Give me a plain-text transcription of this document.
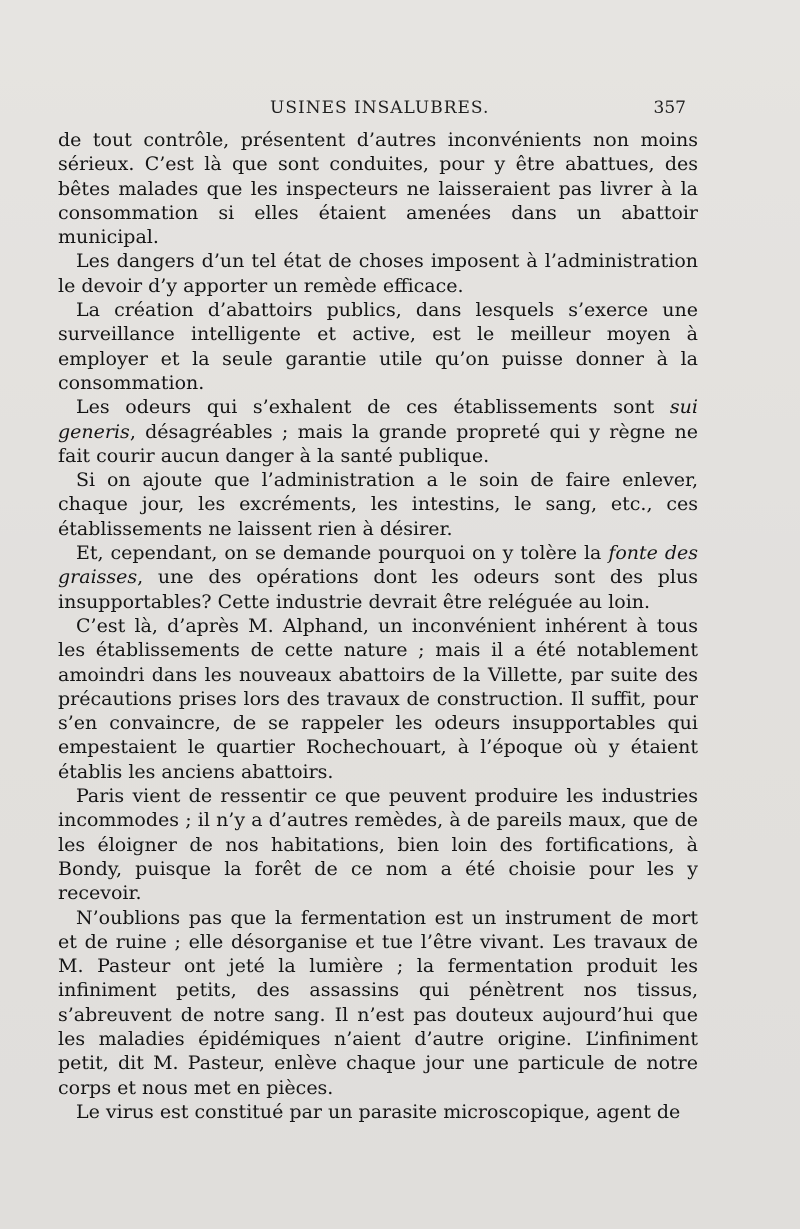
USINES INSALUBRES.	357

de tout contrôle, présentent d’autres inconvénients non moins sérieux. C’est là que sont conduites, pour y être abattues, des bêtes malades que les inspecteurs ne laisseraient pas livrer à la consommation si elles étaient amenées dans un abattoir municipal.

Les dangers d’un tel état de choses imposent à l’administration le devoir d’y apporter un remède efficace.

La création d’abattoirs publics, dans lesquels s’exerce une surveillance intelligente et active, est le meilleur moyen à employer et la seule garantie utile qu’on puisse donner à la consommation.

Les odeurs qui s’exhalent de ces établissements sont sui generis, désagréables ; mais la grande propreté qui y règne ne fait courir aucun danger à la santé publique.

Si on ajoute que l’administration a le soin de faire enlever, chaque jour, les excréments, les intestins, le sang, etc., ces établissements ne laissent rien à désirer.

Et, cependant, on se demande pourquoi on y tolère la fonte des graisses, une des opérations dont les odeurs sont des plus insupportables? Cette industrie devrait être reléguée au loin.

C’est là, d’après M. Alphand, un inconvénient inhérent à tous les établissements de cette nature ; mais il a été notablement amoindri dans les nouveaux abattoirs de la Villette, par suite des précautions prises lors des travaux de construction. Il suffit, pour s’en convaincre, de se rappeler les odeurs insupportables qui empestaient le quartier Rochechouart, à l’époque où y étaient établis les anciens abattoirs.

Paris vient de ressentir ce que peuvent produire les industries incommodes ; il n’y a d’autres remèdes, à de pareils maux, que de les éloigner de nos habitations, bien loin des fortifications, à Bondy, puisque la forêt de ce nom a été choisie pour les y recevoir.

N’oublions pas que la fermentation est un instrument de mort et de ruine ; elle désorganise et tue l’être vivant. Les travaux de M. Pasteur ont jeté la lumière ; la fermentation produit les infiniment petits, des assassins qui pénètrent nos tissus, s’abreuvent de notre sang. Il n’est pas douteux aujourd’hui que les maladies épidémiques n’aient d’autre origine. L’infiniment petit, dit M. Pasteur, enlève chaque jour une particule de notre corps et nous met en pièces.

Le virus est constitué par un parasite microscopique, agent de
